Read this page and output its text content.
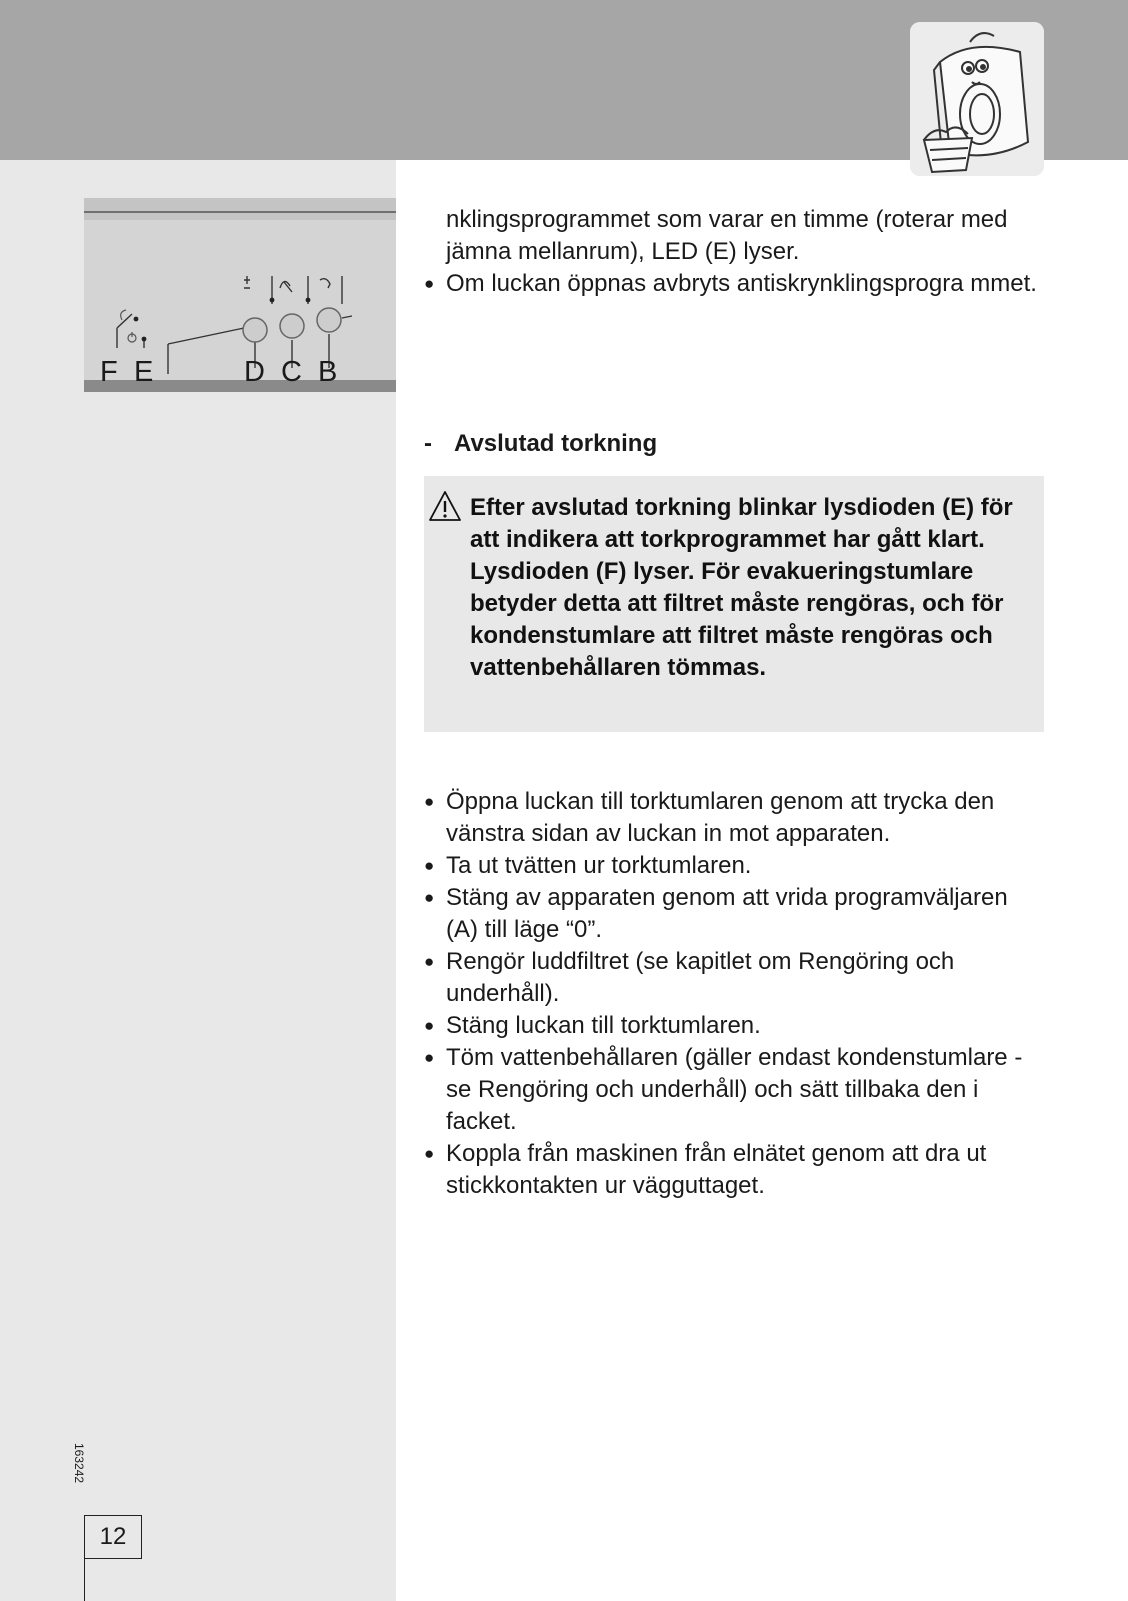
F E	D C B
nklingsprogrammet som varar en timme (roterar med jämna mellanrum), LED (E) lyser.
● Om luckan öppnas avbryts antiskrynklingsprogra mmet.
- Avslutad torkning
Efter avslutad torkning blinkar lysdioden (E) för att indikera att torkprogrammet har gått klart. Lysdioden (F) lyser. För evakueringstumlare betyder detta att filtret måste rengöras, och för kondenstumlare att filtret måste rengöras och vattenbehållaren tömmas.
● Öppna luckan till torktumlaren genom att trycka den vänstra sidan av luckan in mot apparaten.
● Ta ut tvätten ur torktumlaren.
● Stäng av apparaten genom att vrida programväljaren (A) till läge “0”.
● Rengör luddfiltret (se kapitlet om Rengöring och underhåll).
● Stäng luckan till torktumlaren.
● Töm vattenbehållaren (gäller endast kondenstumlare - se Rengöring och underhåll) och sätt tillbaka den i facket.
● Koppla från maskinen från elnätet genom att dra ut stickkontakten ur vägguttaget.
163242
12
